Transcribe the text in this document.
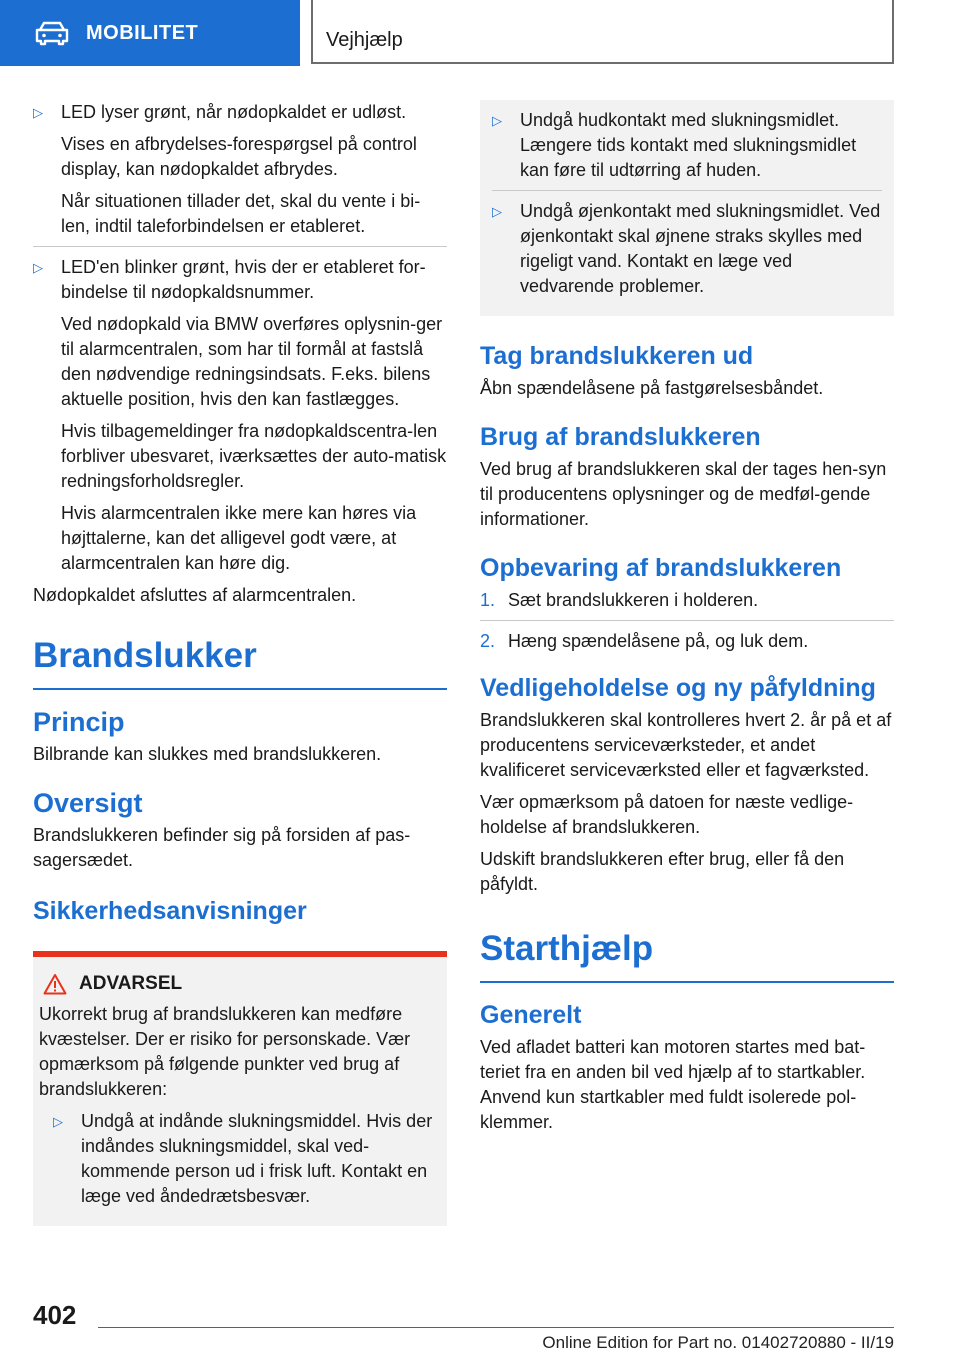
MOBILITET	Vejhjælp
▷ LED lyser grønt, når nødopkaldet er udløst.

Vises en afbrydelses-forespørgsel på control display, kan nødopkaldet afbrydes.

Når situationen tillader det, skal du vente i bi-len, indtil taleforbindelsen er etableret.

▷ LED'en blinker grønt, hvis der er etableret for-bindelse til nødopkaldsnummer.

Ved nødopkald via BMW overføres oplysnin-ger til alarmcentralen, som har til formål at fastslå den nødvendige redningsindsats. F.eks. bilens aktuelle position, hvis den kan fastlægges.

Hvis tilbagemeldinger fra nødopkaldscentra-len forbliver ubesvaret, iværksættes der auto-matisk redningsforholdsregler.

Hvis alarmcentralen ikke mere kan høres via højttalerne, kan det alligevel godt være, at alarmcentralen kan høre dig.

Nødopkaldet afsluttes af alarmcentralen.

Brandslukker
Princip

Bilbrande kan slukkes med brandslukkeren.

Oversigt

Brandslukkeren befinder sig på forsiden af pas-sagersædet.

Sikkerhedsanvisninger
ADVARSEL

Ukorrekt brug af brandslukkeren kan medføre kvæstelser. Der er risiko for personskade. Vær opmærksom på følgende punkter ved brug af brandslukkeren:

▷ Undgå at indånde slukningsmiddel. Hvis der indåndes slukningsmiddel, skal ved-kommende person ud i frisk luft. Kontakt en læge ved åndedrætsbesvær.

▷ Undgå hudkontakt med slukningsmidlet. Længere tids kontakt med slukningsmidlet kan føre til udtørring af huden.

▷ Undgå øjenkontakt med slukningsmidlet. Ved øjenkontakt skal øjnene straks skylles med rigeligt vand. Kontakt en læge ved vedvarende problemer.

Tag brandslukkeren ud

Åbn spændelåsene på fastgørelsesbåndet.

Brug af brandslukkeren

Ved brug af brandslukkeren skal der tages hen-syn til producentens oplysninger og de medføl-gende informationer.

Opbevaring af brandslukkeren
1. Sæt brandslukkeren i holderen.
2. Hæng spændelåsene på, og luk dem.
Vedligeholdelse og ny påfyldning

Brandslukkeren skal kontrolleres hvert 2. år på et af producentens serviceværksteder, et andet kvalificeret serviceværksted eller et fagværksted.

Vær opmærksom på datoen for næste vedlige-holdelse af brandslukkeren.

Udskift brandslukkeren efter brug, eller få den påfyldt.

Starthjælp
Generelt

Ved afladet batteri kan motoren startes med bat-teriet fra en anden bil ved hjælp af to startkabler. Anvend kun startkabler med fuldt isolerede pol-klemmer.

402
Online Edition for Part no. 01402720880 - II/19
